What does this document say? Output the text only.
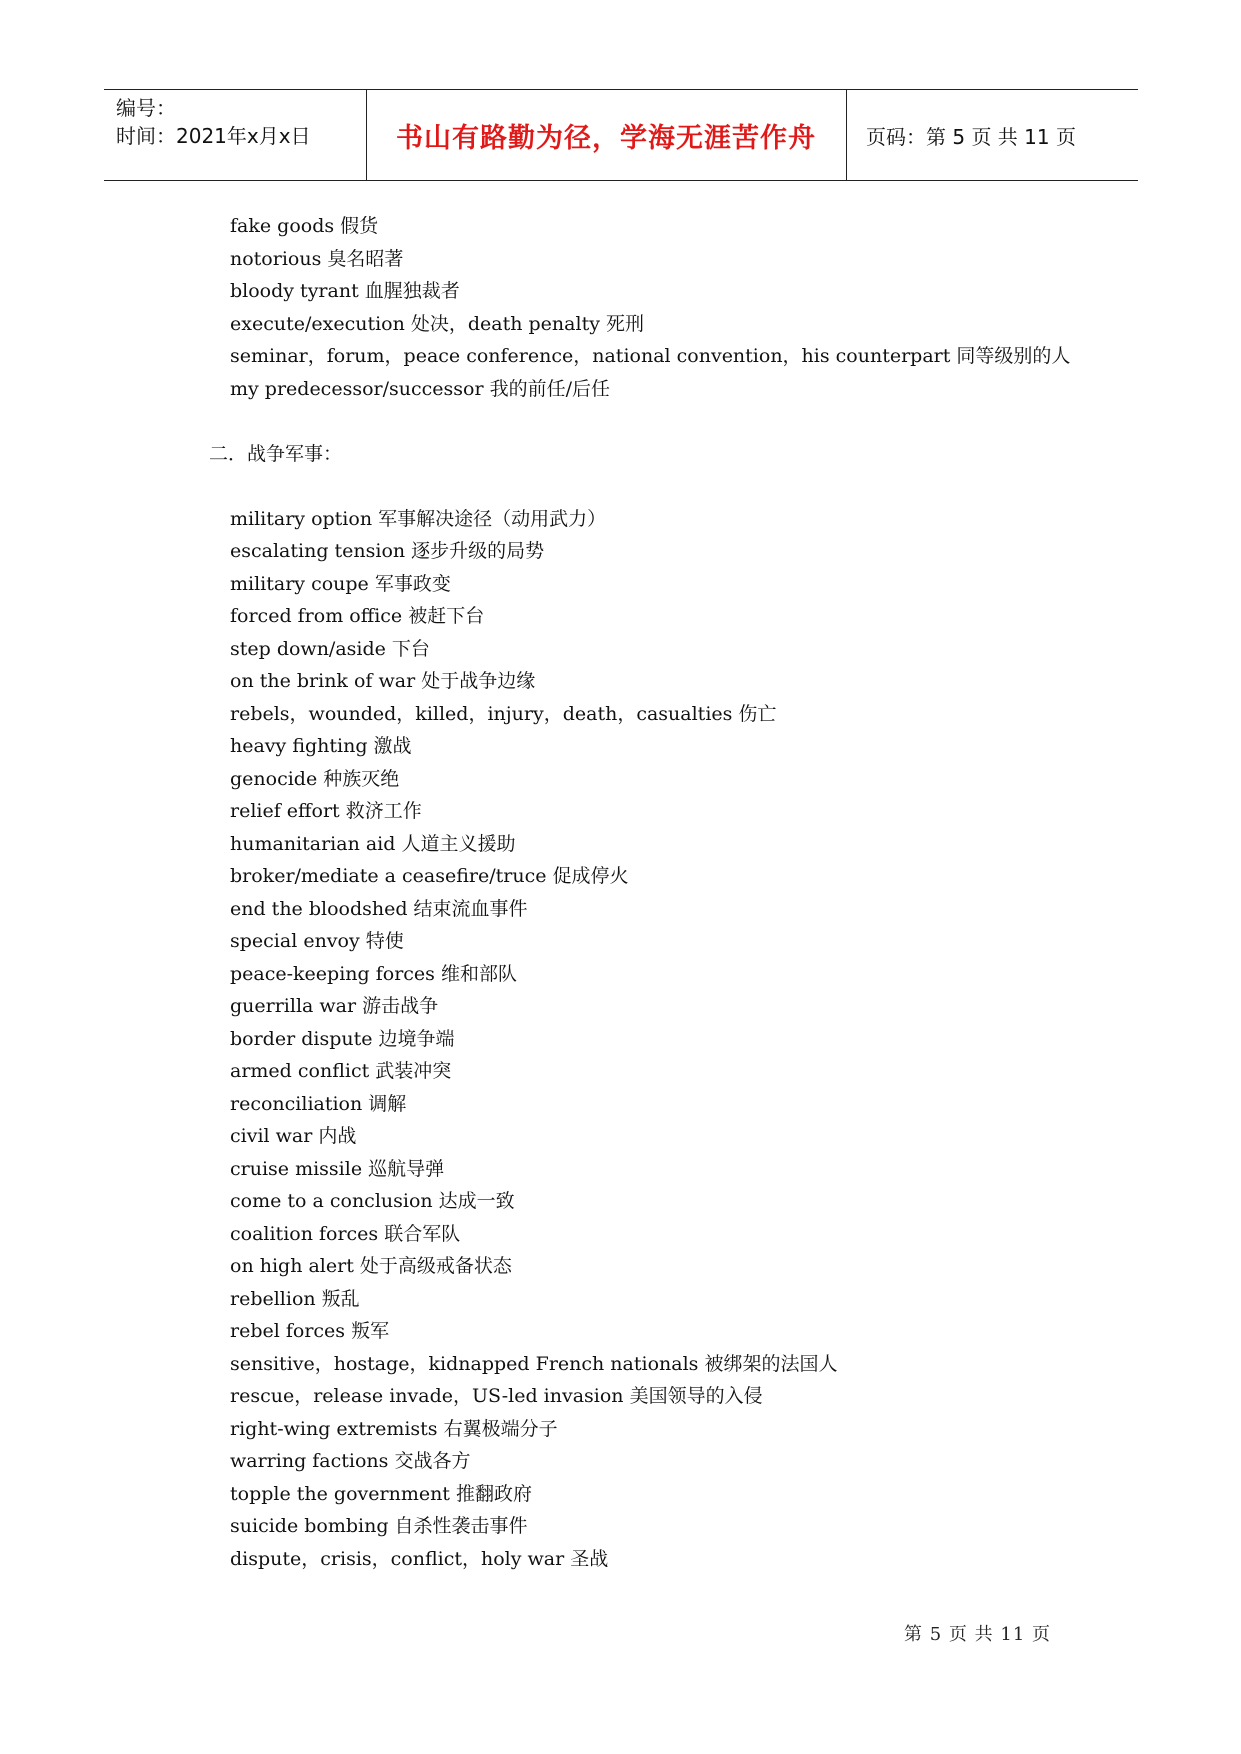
编号：
时间：2021年x月x日	书山有路勤为径，学海无涯苦作舟	页码：第 5 页 共 11 页
fake goods 假货
notorious 臭名昭著
bloody tyrant 血腥独裁者
execute/execution 处决，death penalty 死刑
seminar，forum，peace conference，national convention，his counterpart 同等级别的人
my predecessor/successor 我的前任/后任
二．战争军事：
military option 军事解决途径（动用武力）
escalating tension 逐步升级的局势
military coupe 军事政变
forced from office 被赶下台
step down/aside 下台
on the brink of war 处于战争边缘
rebels，wounded，killed，injury，death，casualties 伤亡
heavy fighting 激战
genocide 种族灭绝
relief effort 救济工作
humanitarian aid 人道主义援助
broker/mediate a ceasefire/truce 促成停火
end the bloodshed 结束流血事件
special envoy 特使
peace-keeping forces 维和部队
guerrilla war 游击战争
border dispute 边境争端
armed conflict 武装冲突
reconciliation 调解
civil war 内战
cruise missile 巡航导弹
come to a conclusion 达成一致
coalition forces 联合军队
on high alert 处于高级戒备状态
rebellion 叛乱
rebel forces 叛军
sensitive，hostage，kidnapped French nationals 被绑架的法国人
rescue，release invade，US-led invasion 美国领导的入侵
right-wing extremists 右翼极端分子
warring factions 交战各方
topple the government 推翻政府
suicide bombing 自杀性袭击事件
dispute，crisis，conflict，holy war 圣战
第 5 页 共 11 页
